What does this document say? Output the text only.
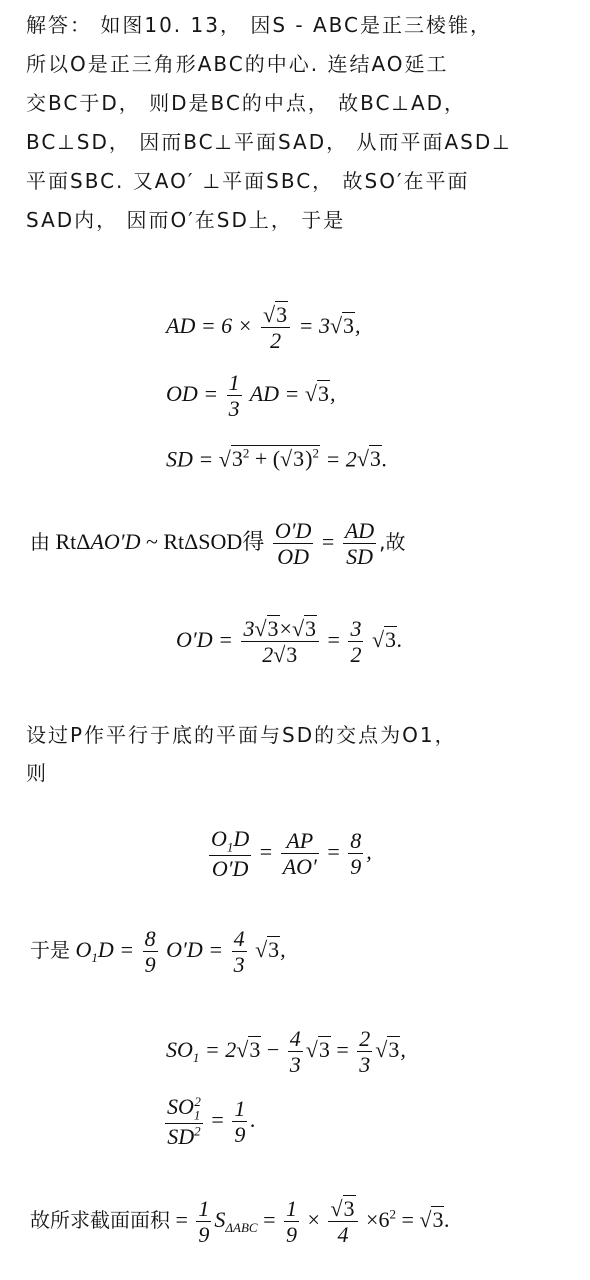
解答： 如图10. 13， 因S - ABC是正三棱锥，
所以O是正三角形ABC的中心. 连结AO延工
交BC于D， 则D是BC的中点， 故BC⊥AD，
BC⊥SD， 因而BC⊥平面SAD， 从而平面ASD⊥
平面SBC. 又AO′ ⊥平面SBC， 故SO′在平面
SAD内， 因而O′在SD上， 于是
AD = $6 \times \frac{√3}{2} = 3√3$,
OD = $\frac{1}{3}$ AD = √3,
SD = $√3^2 + (√3)^2 = 2√3$.
由 RtΔAO′D ~ RtΔSOD得 $\frac{O'D}{OD} = \frac{AD}{SD}$ ,故
$O'D = \frac{3√3\times√3}{2√3} = \frac{3}{2} √3$.
设过P作平行于底的平面与SD的交点为O1，
则
$\frac{O_1D}{O'D} = \frac{AP}{AO'} = \frac{8}{9}$ ,
于是 $O_1D = \frac{8}{9} O'D = \frac{4}{3} √3$,
$SO_1 = 2√3 - \frac{4}{3} √3 = \frac{2}{3} √3$,
$\frac{SO_1^2}{SD^2} = \frac{1}{9}$ .
故所求截面面积 = $\frac{1}{9} S_{\Delta ABC} = \frac{1}{9} \times \frac{√3}{4} \times 6^2 = √3$.
